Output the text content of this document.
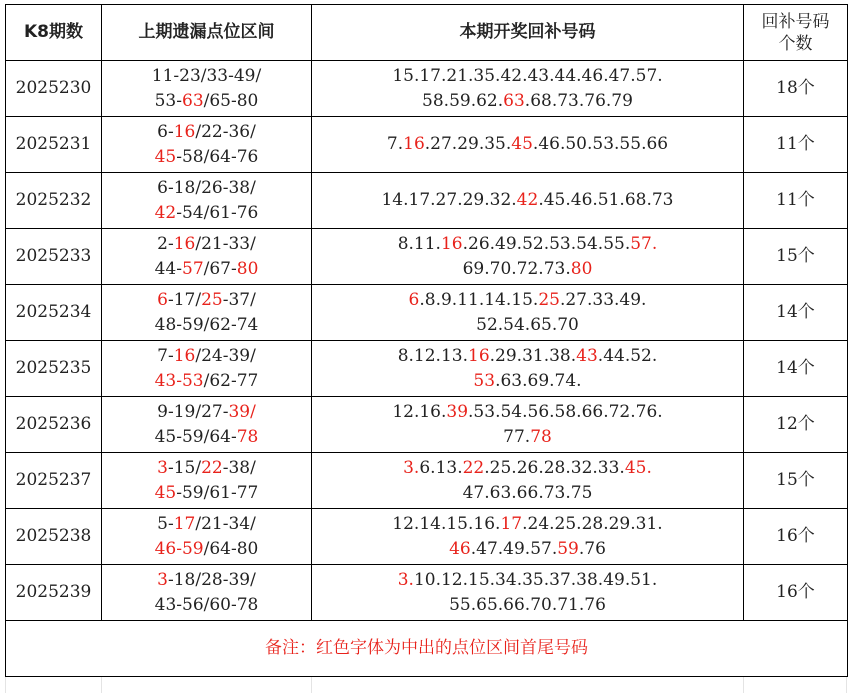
K8期数	上期遗漏点位区间	本期开奖回补号码	回补号码
个数

2025230	11-23/33-49/
53-63/65-80	15.17.21.35.42.43.44.46.47.57.
58.59.62.63.68.73.76.79	18个
2025231	6-16/22-36/
45-58/64-76	7.16.27.29.35.45.46.50.53.55.66	11个
2025232	6-18/26-38/
42-54/61-76	14.17.27.29.32.42.45.46.51.68.73	11个
2025233	2-16/21-33/
44-57/67-80	8.11.16.26.49.52.53.54.55.57.
69.70.72.73.80	15个
2025234	6-17/25-37/
48-59/62-74	6.8.9.11.14.15.25.27.33.49.
52.54.65.70	14个
2025235	7-16/24-39/
43-53/62-77	8.12.13.16.29.31.38.43.44.52.
53.63.69.74.	14个
2025236	9-19/27-39/
45-59/64-78	12.16.39.53.54.56.58.66.72.76.
77.78	12个
2025237	3-15/22-38/
45-59/61-77	3.6.13.22.25.26.28.32.33.45.
47.63.66.73.75	15个
2025238	5-17/21-34/
46-59/64-80	12.14.15.16.17.24.25.28.29.31.
46.47.49.57.59.76	16个
2025239	3-18/28-39/
43-56/60-78	3.10.12.15.34.35.37.38.49.51.
55.65.66.70.71.76	16个
备注：红色字体为中出的点位区间首尾号码			
